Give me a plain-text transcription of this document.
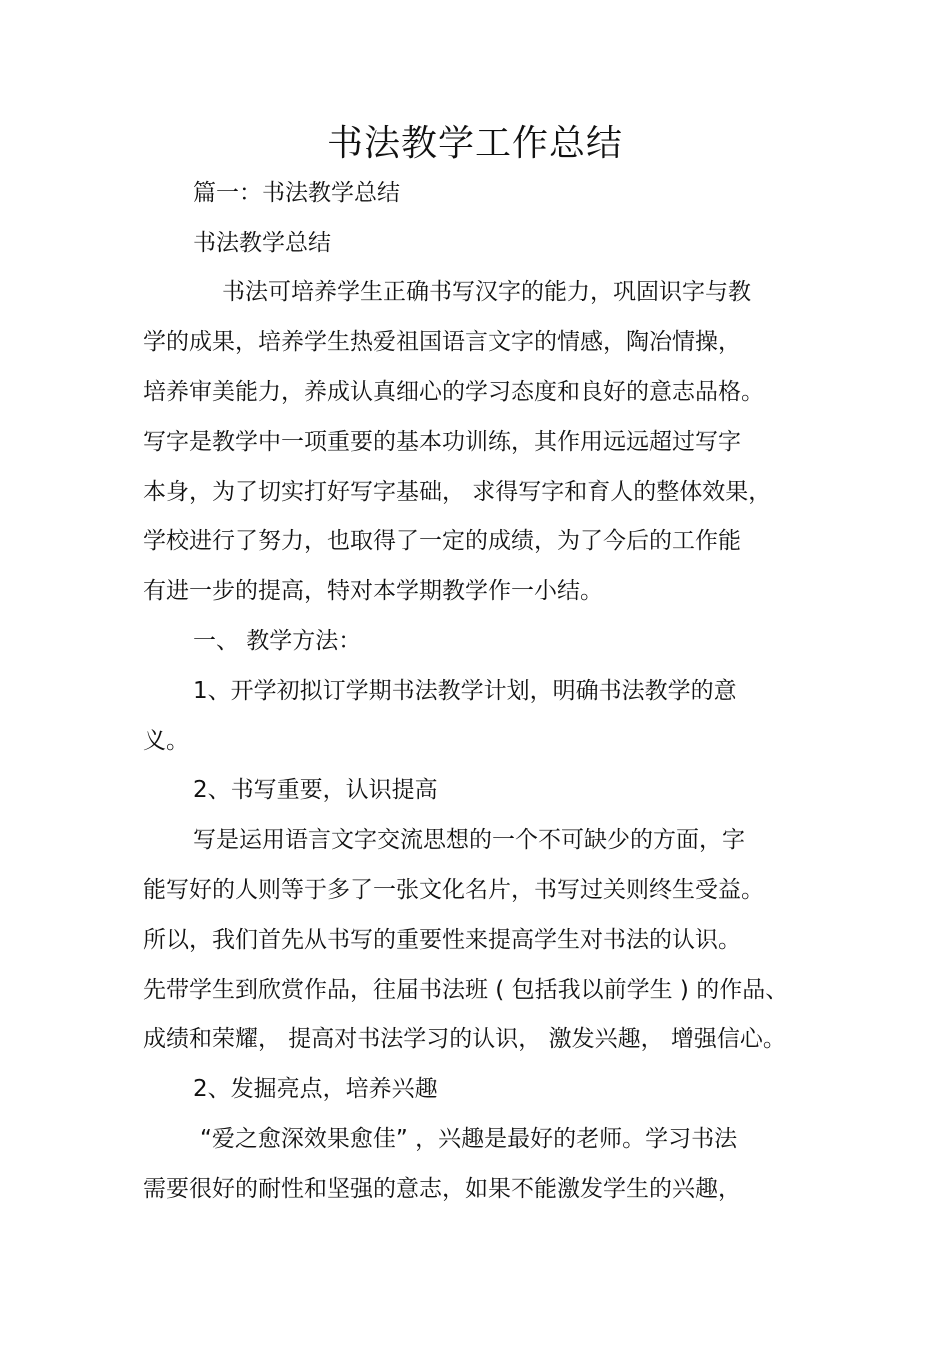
书法教学工作总结
篇一：书法教学总结
书法教学总结
书法可培养学生正确书写汉字的能力，巩固识字与教
学的成果，培养学生热爱祖国语言文字的情感，陶冶情操，
培养审美能力，养成认真细心的学习态度和良好的意志品格。
写字是教学中一项重要的基本功训练，其作用远远超过写字
本身，为了切实打好写字基础， 求得写字和育人的整体效果，
学校进行了努力，也取得了一定的成绩，为了今后的工作能
有进一步的提高，特对本学期教学作一小结。
一、 教学方法：
1、开学初拟订学期书法教学计划，明确书法教学的意
义。
2、书写重要，认识提高
写是运用语言文字交流思想的一个不可缺少的方面，字
能写好的人则等于多了一张文化名片，书写过关则终生受益。
所以，我们首先从书写的重要性来提高学生对书法的认识。
先带学生到欣赏作品，往届书法班 ( 包括我以前学生 ) 的作品、
成绩和荣耀， 提高对书法学习的认识， 激发兴趣， 增强信心。
2、发掘亮点，培养兴趣
“爱之愈深效果愈佳” ，兴趣是最好的老师。学习书法
需要很好的耐性和坚强的意志，如果不能激发学生的兴趣，
